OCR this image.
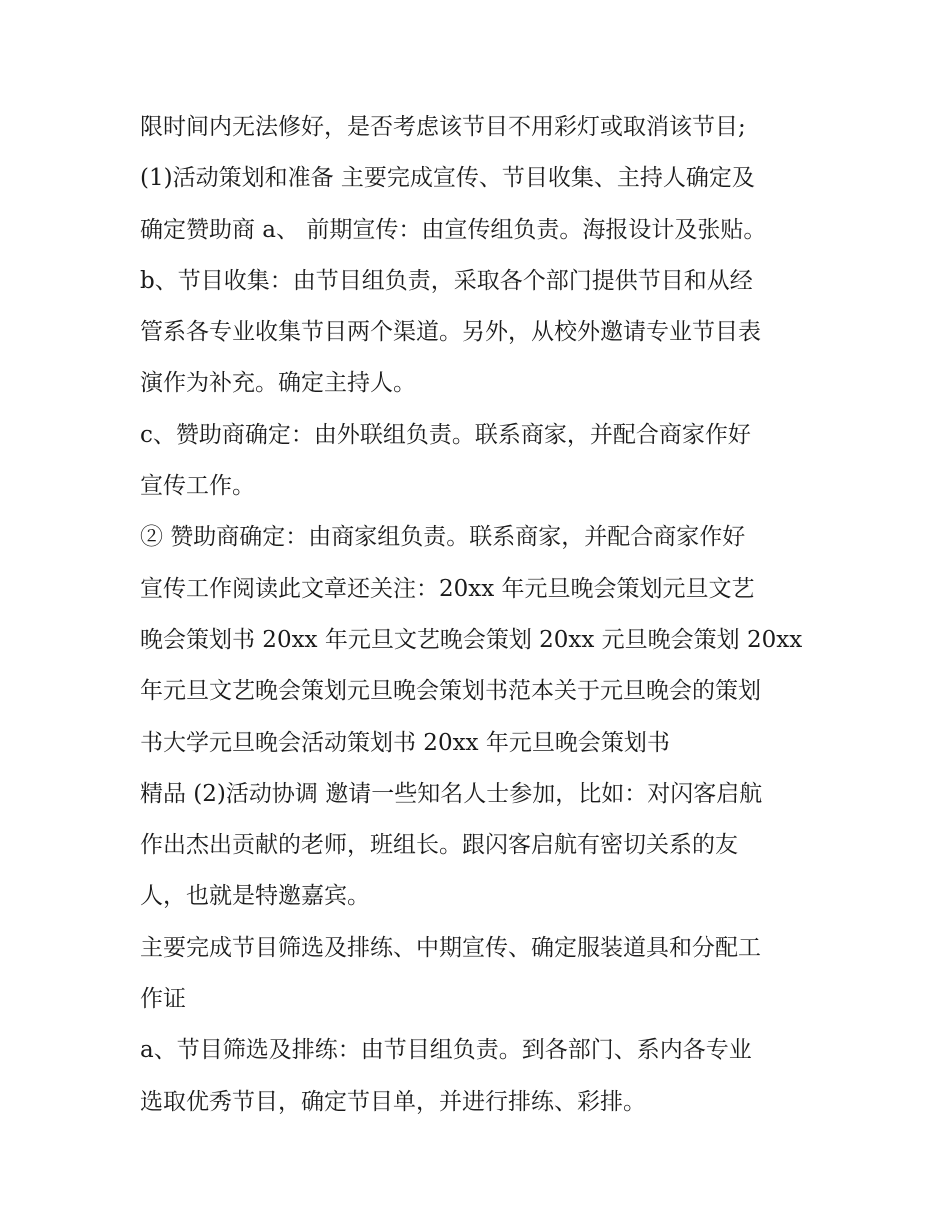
限时间内无法修好，是否考虑该节目不用彩灯或取消该节目;
(1)活动策划和准备 主要完成宣传、节目收集、主持人确定及
确定赞助商 a、 前期宣传：由宣传组负责。海报设计及张贴。
b、节目收集：由节目组负责，采取各个部门提供节目和从经
管系各专业收集节目两个渠道。另外，从校外邀请专业节目表
演作为补充。确定主持人。
c、赞助商确定：由外联组负责。联系商家，并配合商家作好
宣传工作。
② 赞助商确定：由商家组负责。联系商家，并配合商家作好
宣传工作阅读此文章还关注：20xx 年元旦晚会策划元旦文艺
晚会策划书 20xx 年元旦文艺晚会策划 20xx 元旦晚会策划 20xx
年元旦文艺晚会策划元旦晚会策划书范本关于元旦晚会的策划
书大学元旦晚会活动策划书 20xx 年元旦晚会策划书
精品 (2)活动协调 邀请一些知名人士参加，比如：对闪客启航
作出杰出贡献的老师，班组长。跟闪客启航有密切关系的友
人，也就是特邀嘉宾。
主要完成节目筛选及排练、中期宣传、确定服装道具和分配工
作证
a、节目筛选及排练：由节目组负责。到各部门、系内各专业
选取优秀节目，确定节目单，并进行排练、彩排。
